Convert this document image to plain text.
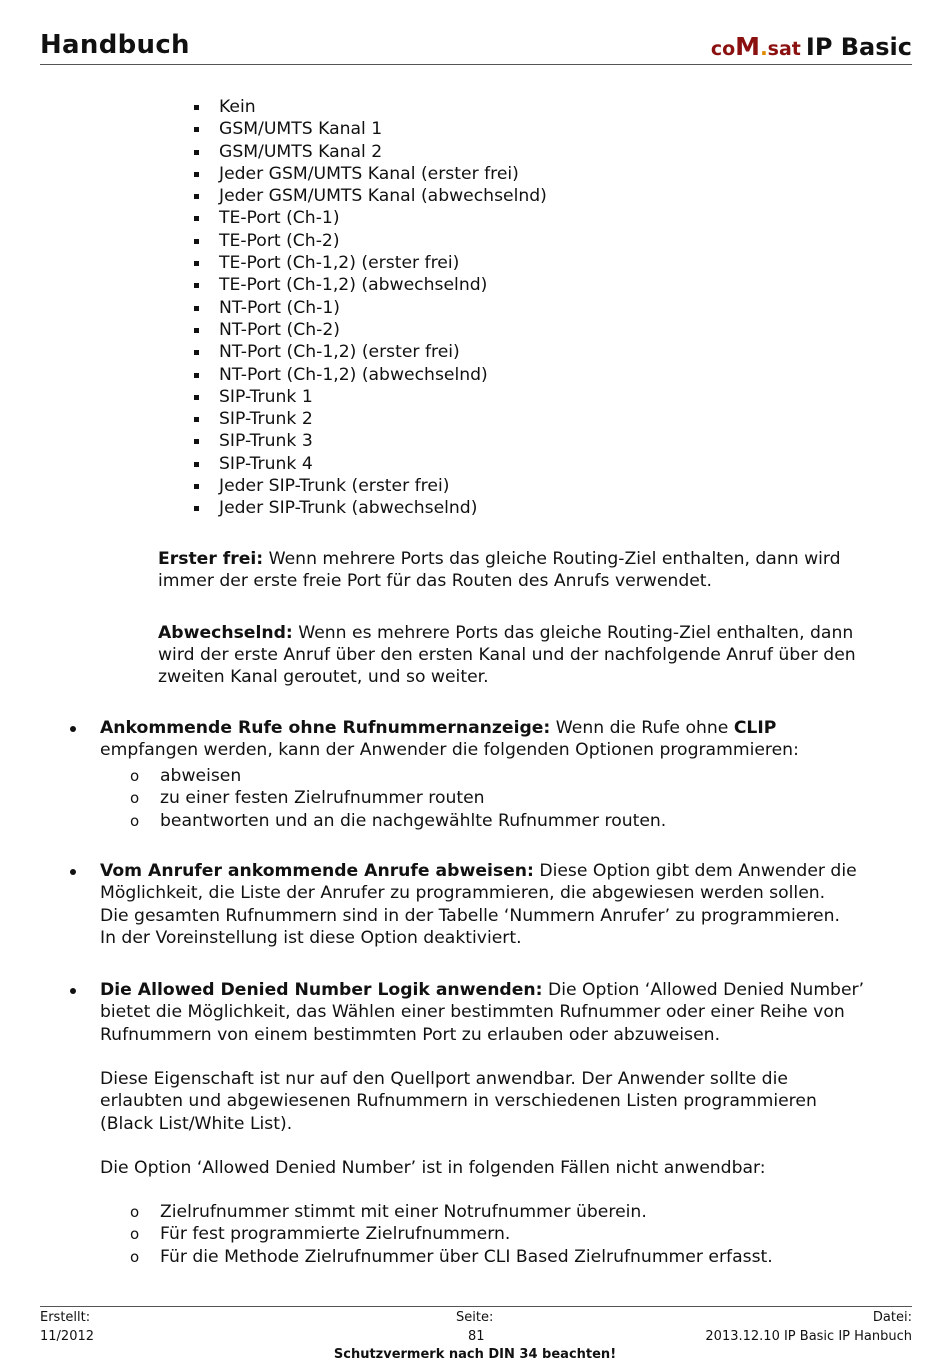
Handbuch	coM.sat IP Basic
Kein
GSM/UMTS Kanal 1
GSM/UMTS Kanal 2
Jeder GSM/UMTS Kanal (erster frei)
Jeder GSM/UMTS Kanal (abwechselnd)
TE-Port (Ch-1)
TE-Port (Ch-2)
TE-Port (Ch-1,2) (erster frei)
TE-Port (Ch-1,2) (abwechselnd)
NT-Port (Ch-1)
NT-Port (Ch-2)
NT-Port (Ch-1,2) (erster frei)
NT-Port (Ch-1,2) (abwechselnd)
SIP-Trunk 1
SIP-Trunk 2
SIP-Trunk 3
SIP-Trunk 4
Jeder SIP-Trunk (erster frei)
Jeder SIP-Trunk (abwechselnd)
Erster frei: Wenn mehrere Ports das gleiche Routing-Ziel enthalten, dann wird
immer der erste freie Port für das Routen des Anrufs verwendet.
Abwechselnd: Wenn es mehrere Ports das gleiche Routing-Ziel enthalten, dann
wird der erste Anruf über den ersten Kanal und der nachfolgende Anruf über den
zweiten Kanal geroutet, und so weiter.
Ankommende Rufe ohne Rufnummernanzeige: Wenn die Rufe ohne CLIP
empfangen werden, kann der Anwender die folgenden Optionen programmieren:
o abweisen
o zu einer festen Zielrufnummer routen
o beantworten und an die nachgewählte Rufnummer routen.
Vom Anrufer ankommende Anrufe abweisen: Diese Option gibt dem Anwender die
Möglichkeit, die Liste der Anrufer zu programmieren, die abgewiesen werden sollen.
Die gesamten Rufnummern sind in der Tabelle ‘Nummern Anrufer’ zu programmieren.
In der Voreinstellung ist diese Option deaktiviert.
Die Allowed Denied Number Logik anwenden: Die Option ‘Allowed Denied Number’
bietet die Möglichkeit, das Wählen einer bestimmten Rufnummer oder einer Reihe von
Rufnummern von einem bestimmten Port zu erlauben oder abzuweisen.
Diese Eigenschaft ist nur auf den Quellport anwendbar. Der Anwender sollte die
erlaubten und abgewiesenen Rufnummern in verschiedenen Listen programmieren
(Black List/White List).
Die Option ‘Allowed Denied Number’ ist in folgenden Fällen nicht anwendbar:
o Zielrufnummer stimmt mit einer Notrufnummer überein.
o Für fest programmierte Zielrufnummern.
o Für die Methode Zielrufnummer über CLI Based Zielrufnummer erfasst.
Erstellt:
11/2012
Seite:
81
Datei:
2013.12.10 IP Basic IP Hanbuch
Schutzvermerk nach DIN 34 beachten!
